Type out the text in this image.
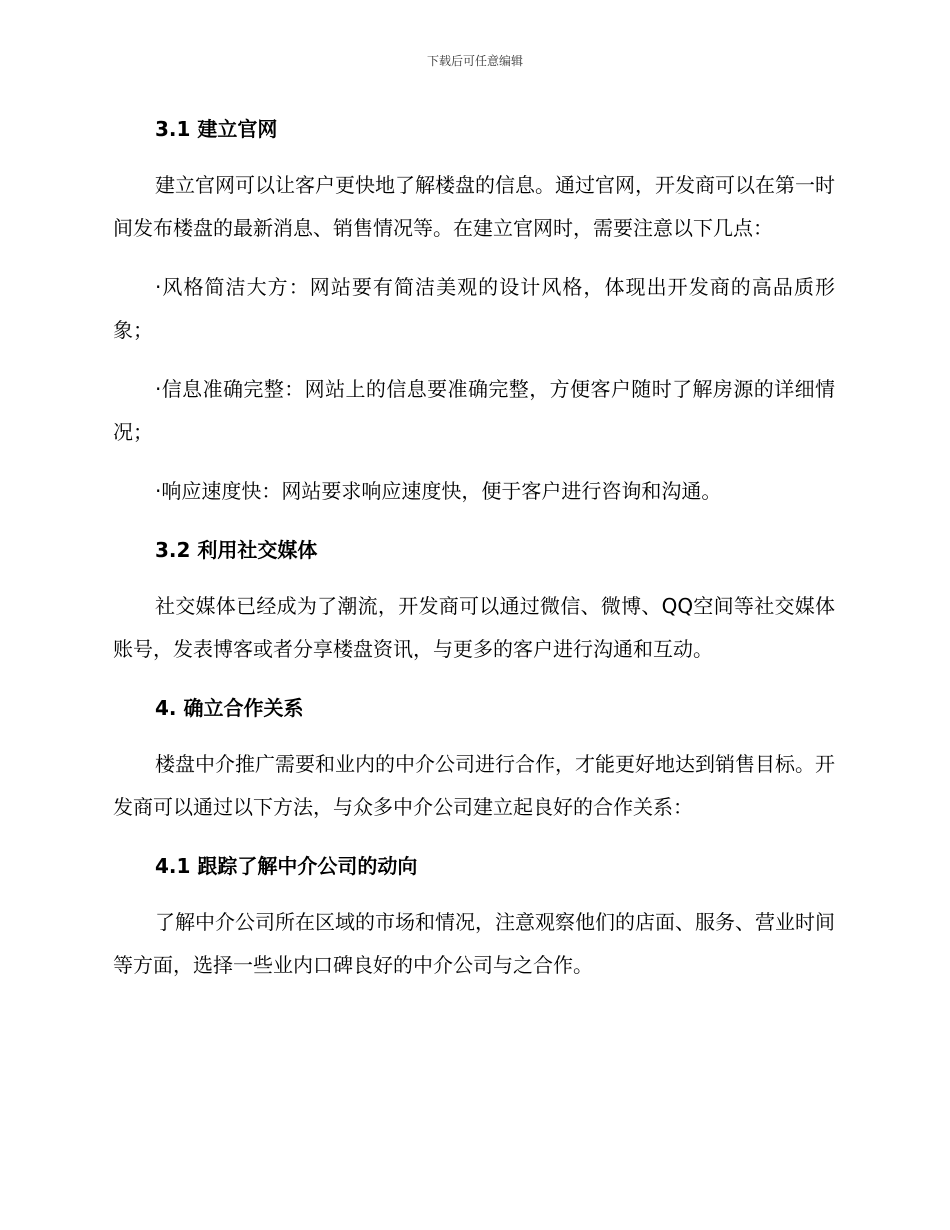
下载后可任意编辑
3.1 建立官网

建立官网可以让客户更快地了解楼盘的信息。通过官网，开发商可以在第一时间发布楼盘的最新消息、销售情况等。在建立官网时，需要注意以下几点：

·风格简洁大方：网站要有简洁美观的设计风格，体现出开发商的高品质形象；

·信息准确完整：网站上的信息要准确完整，方便客户随时了解房源的详细情况；

·响应速度快：网站要求响应速度快，便于客户进行咨询和沟通。

3.2 利用社交媒体

社交媒体已经成为了潮流，开发商可以通过微信、微博、QQ空间等社交媒体账号，发表博客或者分享楼盘资讯，与更多的客户进行沟通和互动。

4. 确立合作关系

楼盘中介推广需要和业内的中介公司进行合作，才能更好地达到销售目标。开发商可以通过以下方法，与众多中介公司建立起良好的合作关系：

4.1 跟踪了解中介公司的动向

了解中介公司所在区域的市场和情况，注意观察他们的店面、服务、营业时间等方面，选择一些业内口碑良好的中介公司与之合作。
